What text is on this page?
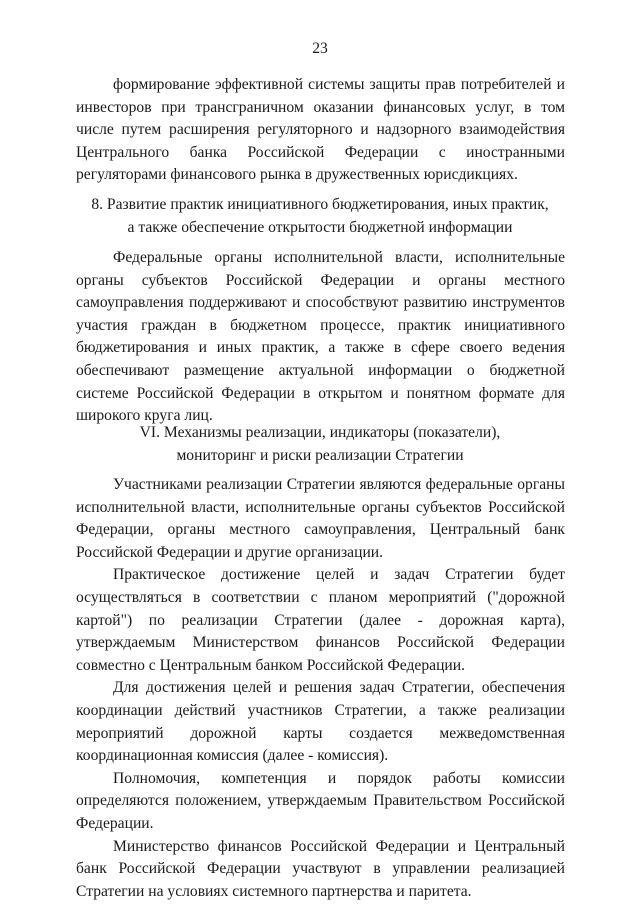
23

формирование эффективной системы защиты прав потребителей и инвесторов при трансграничном оказании финансовых услуг, в том числе путем расширения регуляторного и надзорного взаимодействия Центрального банка Российской Федерации с иностранными регуляторами финансового рынка в дружественных юрисдикциях.

8. Развитие практик инициативного бюджетирования, иных практик,
а также обеспечение открытости бюджетной информации

Федеральные органы исполнительной власти, исполнительные органы субъектов Российской Федерации и органы местного самоуправления поддерживают и способствуют развитию инструментов участия граждан в бюджетном процессе, практик инициативного бюджетирования и иных практик, а также в сфере своего ведения обеспечивают размещение актуальной информации о бюджетной системе Российской Федерации в открытом и понятном формате для широкого круга лиц.

VI. Механизмы реализации, индикаторы (показатели),
мониторинг и риски реализации Стратегии

Участниками реализации Стратегии являются федеральные органы исполнительной власти, исполнительные органы субъектов Российской Федерации, органы местного самоуправления, Центральный банк Российской Федерации и другие организации.

Практическое достижение целей и задач Стратегии будет осуществляться в соответствии с планом мероприятий ("дорожной картой") по реализации Стратегии (далее - дорожная карта), утверждаемым Министерством финансов Российской Федерации совместно с Центральным банком Российской Федерации.

Для достижения целей и решения задач Стратегии, обеспечения координации действий участников Стратегии, а также реализации мероприятий дорожной карты создается межведомственная координационная комиссия (далее - комиссия).

Полномочия, компетенция и порядок работы комиссии определяются положением, утверждаемым Правительством Российской Федерации.

Министерство финансов Российской Федерации и Центральный банк Российской Федерации участвуют в управлении реализацией Стратегии на условиях системного партнерства и паритета.
